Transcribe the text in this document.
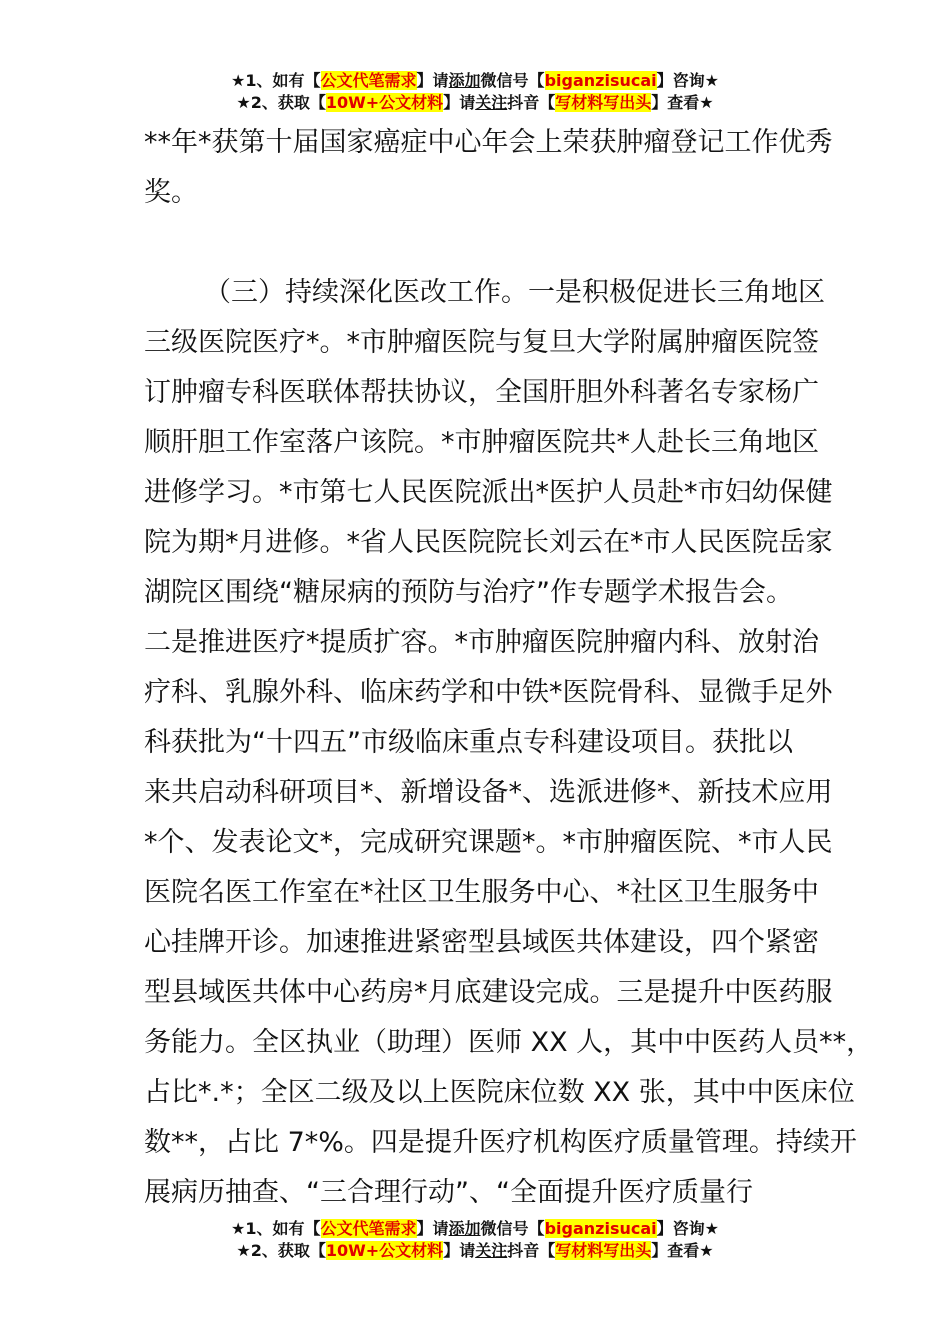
★1、如有【公文代笔需求】请添加微信号【biganzisucai】咨询★
★2、获取【10W+公文材料】请关注抖音【写材料写出头】查看★
**年*获第十届国家癌症中心年会上荣获肿瘤登记工作优秀
奖。
（三）持续深化医改工作。一是积极促进长三角地区
三级医院医疗*。*市肿瘤医院与复旦大学附属肿瘤医院签
订肿瘤专科医联体帮扶协议，全国肝胆外科著名专家杨广
顺肝胆工作室落户该院。*市肿瘤医院共*人赴长三角地区
进修学习。*市第七人民医院派出*医护人员赴*市妇幼保健
院为期*月进修。*省人民医院院长刘云在*市人民医院岳家
湖院区围绕“糖尿病的预防与治疗”作专题学术报告会。
二是推进医疗*提质扩容。*市肿瘤医院肿瘤内科、放射治
疗科、乳腺外科、临床药学和中铁*医院骨科、显微手足外
科获批为“十四五”市级临床重点专科建设项目。获批以
来共启动科研项目*、新增设备*、选派进修*、新技术应用
*个、发表论文*，完成研究课题*。*市肿瘤医院、*市人民
医院名医工作室在*社区卫生服务中心、*社区卫生服务中
心挂牌开诊。加速推进紧密型县域医共体建设，四个紧密
型县域医共体中心药房*月底建设完成。三是提升中医药服
务能力。全区执业（助理）医师 XX 人，其中中医药人员**，
占比*.*；全区二级及以上医院床位数 XX 张，其中中医床位
数**，占比 7*%。四是提升医疗机构医疗质量管理。持续开
展病历抽查、“三合理行动”、“全面提升医疗质量行
★1、如有【公文代笔需求】请添加微信号【biganzisucai】咨询★
★2、获取【10W+公文材料】请关注抖音【写材料写出头】查看★
